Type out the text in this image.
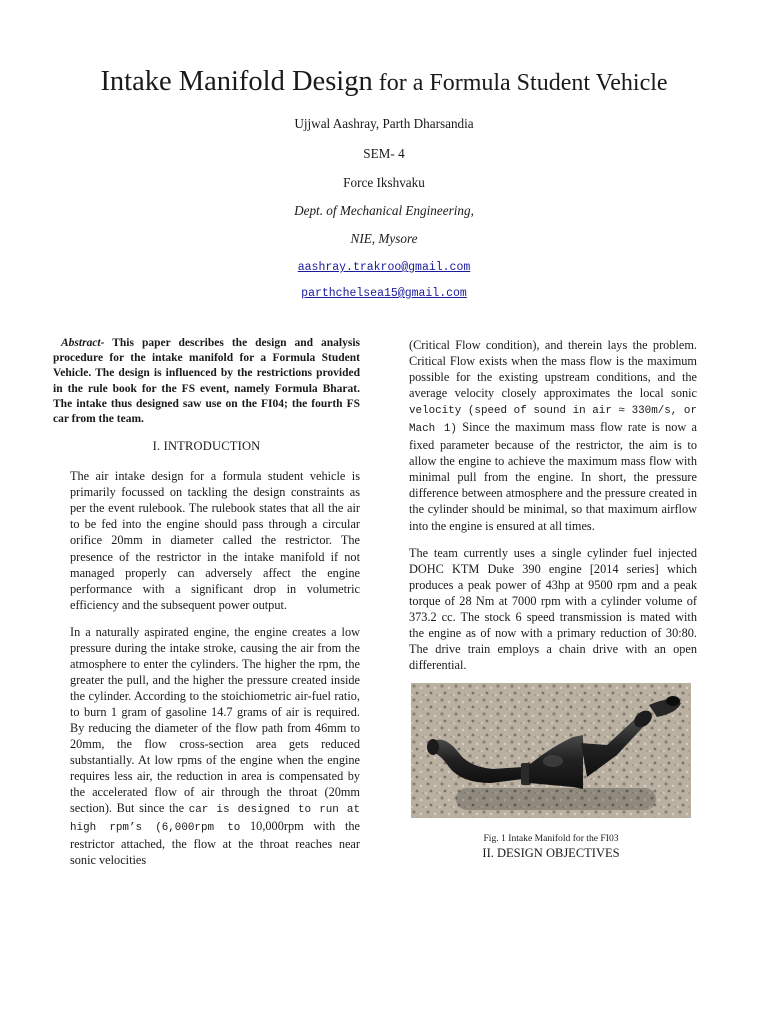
Intake Manifold Design for a Formula Student Vehicle
Ujjwal Aashray, Parth Dharsandia
SEM- 4
Force Ikshvaku
Dept. of Mechanical Engineering,
NIE, Mysore
aashray.trakroo@gmail.com
parthchelsea15@gmail.com

Abstract- This paper describes the design and analysis procedure for the intake manifold for a Formula Student Vehicle. The design is influenced by the restrictions provided in the rule book for the FS event, namely Formula Bharat. The intake thus designed saw use on the FI04; the fourth FS car from the team.

I. INTRODUCTION

The air intake design for a formula student vehicle is primarily focussed on tackling the design constraints as per the event rulebook. The rulebook states that all the air to be fed into the engine should pass through a circular orifice 20mm in diameter called the restrictor. The presence of the restrictor in the intake manifold if not managed properly can adversely affect the engine performance with a significant drop in volumetric efficiency and the subsequent power output.

In a naturally aspirated engine, the engine creates a low pressure during the intake stroke, causing the air from the atmosphere to enter the cylinders. The higher the rpm, the greater the pull, and the higher the pressure created inside the cylinder. According to the stoichiometric air-fuel ratio, to burn 1 gram of gasoline 14.7 grams of air is required. By reducing the diameter of the flow path from 46mm to 20mm, the flow cross-section area gets reduced substantially. At low rpms of the engine when the engine requires less air, the reduction in area is compensated by the accelerated flow of air through the throat (20mm section). But since the car is designed to run at high rpm’s (6,000rpm to 10,000rpm with the restrictor attached, the flow at the throat reaches near sonic velocities

(Critical Flow condition), and therein lays the problem. Critical Flow exists when the mass flow is the maximum possible for the existing upstream conditions, and the average velocity closely approximates the local sonic velocity (speed of sound in air ≈ 330m/s, or Mach 1) Since the maximum mass flow rate is now a fixed parameter because of the restrictor, the aim is to allow the engine to achieve the maximum mass flow with minimal pull from the engine. In short, the pressure difference between atmosphere and the pressure created in the cylinder should be minimal, so that maximum airflow into the engine is ensured at all times.

The team currently uses a single cylinder fuel injected DOHC KTM Duke 390 engine [2014 series] which produces a peak power of 43hp at 9500 rpm and a peak torque of 28 Nm at 7000 rpm with a cylinder volume of 373.2 cc. The stock 6 speed transmission is mated with the engine as of now with a primary reduction of 30:80. The drive train employs a chain drive with an open differential.

Fig. 1 Intake Manifold for the FI03
II. DESIGN OBJECTIVES
